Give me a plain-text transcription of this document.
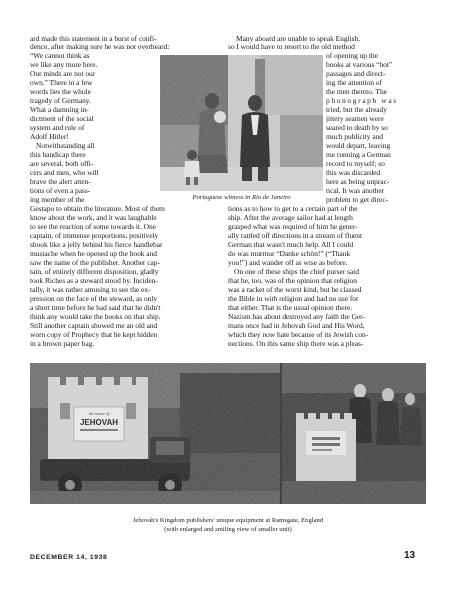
ard made this statement in a burst of confi-
dence, after making sure he was not overheard:
“We cannot think as
we like any more here.
Our minds are not our
own.” There in a few
words lies the whole
tragedy of Germany.
What a damning in-
dictment of the social
system and rule of
Adolf Hitler!
Notwithstanding all
this handicap there
are several, both offi-
cers and men, who will
brave the alert atten-
tions of even a pass-
ing member of the
Gestapo to obtain the literature. Most of them
know about the work, and it was laughable
to see the reaction of some towards it. One
captain, of immense proportions, positively
shook like a jelly behind his fierce handlebar
mustache when he opened up the book and
saw the name of the publisher. Another cap-
tain, of entirely different disposition, gladly
took Riches as a steward stood by. Inciden-
tally, it was rather amusing to see the ex-
pression on the face of the steward, as only
a short time before he had said that he didn't
think any would take the books on that ship.
Still another captain showed me an old and
worn copy of Prophecy that he kept hidden
in a brown paper bag.
Many aboard are unable to speak English,
so I would have to resort to the old method
of opening up the
books at various “hot”
passages and direct-
ing the attention of
the men thereto. The
phonograph was
tried, but the already
jittery seamen were
seared to death by so
much publicity and
would depart, leaving
me running a German
record to myself; so
this was discarded
here as being unprac-
tical. It was another
problem to get direc-
tions as to how to get to a certain part of the
ship. After the average sailor had at length
grasped what was required of him he gener-
ally rattled off directions in a stream of fluent
German that wasn't much help. All I could
do was murmur “Danke schön!” (“Thank
you!”) and wander off as wise as before.
On one of these ships the chief purser said
that he, too, was of the opinion that religion
was a racket of the worst kind, but he classed
the Bible in with religion and had no use for
that either. That is the usual opinion there.
Nazism has about destroyed any faith the Ger-
mans once had in Jehovah God and His Word,
which they now hate because of its Jewish con-
nections. On this same ship there was a pleas-
Portuguese witness in Rio de Janeiro
Jehovah's Kingdom publishers' unique equipment at Ramsgate, England
(with enlarged and smiling view of smaller unit)
DECEMBER 14, 1938	13
